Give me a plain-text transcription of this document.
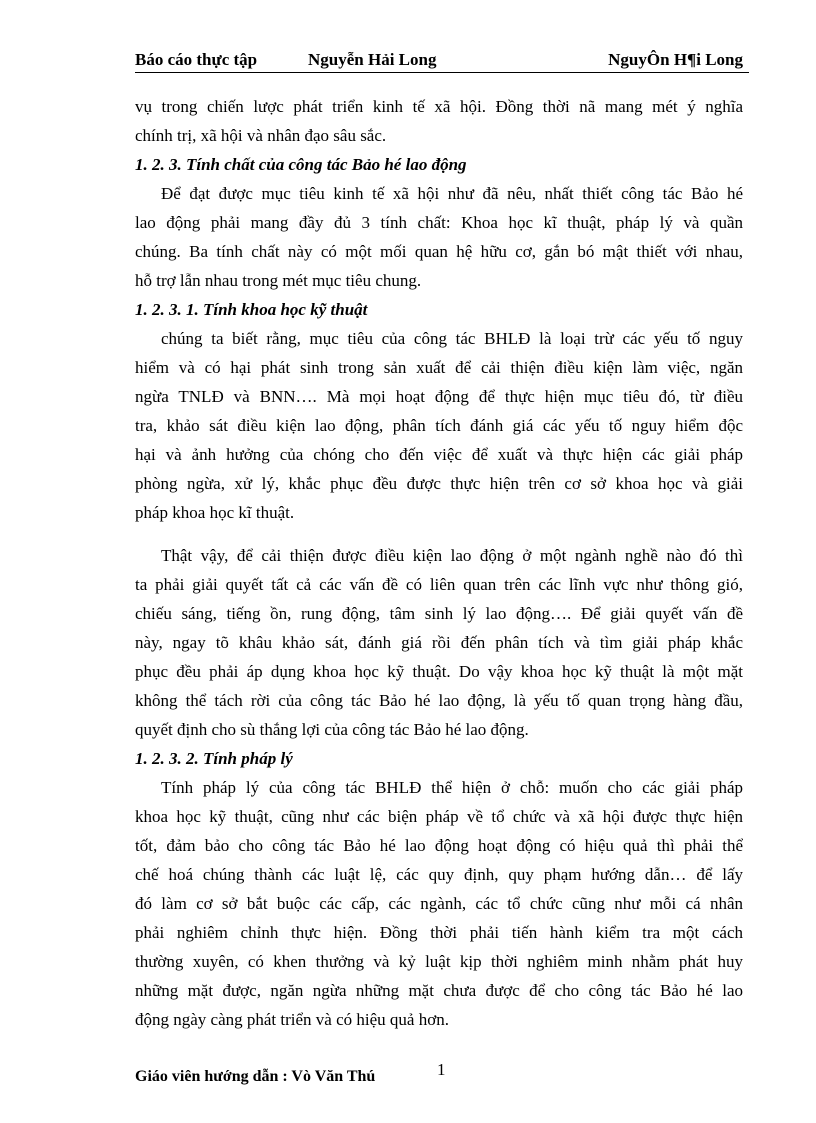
Báo cáo thực tập	Nguyễn Hải Long	NguyÔn H¶i Long
vụ trong chiến lược phát triển kinh tế xã hội. Đồng thời nã mang mét ý nghĩa
chính trị, xã hội và nhân đạo sâu sắc.
1. 2. 3. Tính chất của công tác Bảo hé lao động
Để đạt được mục tiêu kinh tế xã hội như đã nêu, nhất thiết công tác Bảo hé
lao động phải mang đầy đủ 3 tính chất: Khoa học kĩ thuật, pháp lý và quần
chúng. Ba tính chất này có một mối quan hệ hữu cơ, gắn bó mật thiết với nhau,
hỗ trợ lẫn nhau trong mét mục tiêu chung.
1. 2. 3. 1. Tính khoa học kỹ thuật
chúng ta biết rằng, mục tiêu của công tác BHLĐ là loại trừ các yếu tố nguy
hiểm và có hại phát sinh trong sản xuất để cải thiện điều kiện làm việc, ngăn
ngừa TNLĐ và BNN…. Mà mọi hoạt động để thực hiện mục tiêu đó, từ điều
tra, khảo sát điều kiện lao động, phân tích đánh giá các yếu tố nguy hiểm độc
hại và ảnh hưởng của chóng cho đến việc để xuất và thực hiện các giải pháp
phòng ngừa, xử lý, khắc phục đều được thực hiện trên cơ sở khoa học và giải
pháp khoa học kĩ thuật.
Thật vậy, để cải thiện được điều kiện lao động ở một ngành nghề nào đó thì
ta phải giải quyết tất cả các vấn đề có liên quan trên các lĩnh vực như thông gió,
chiếu sáng, tiếng ồn, rung động, tâm sinh lý lao động…. Để giải quyết vấn đề
này, ngay tõ khâu khảo sát, đánh giá rồi đến phân tích và tìm giải pháp khắc
phục đều phải áp dụng khoa học kỹ thuật. Do vậy khoa học kỹ thuật là một mặt
không thể tách rời của công tác Bảo hé lao động, là yếu tố quan trọng hàng đầu,
quyết định cho sù thắng lợi của công tác Bảo hé lao động.
1. 2. 3. 2. Tính pháp lý
Tính pháp lý của công tác BHLĐ thể hiện ở chỗ: muốn cho các giải pháp
khoa học kỹ thuật, cũng như các biện pháp về tổ chức và xã hội được thực hiện
tốt, đảm bảo cho công tác Bảo hé lao động hoạt động có hiệu quả thì phải thể
chế hoá chúng thành các luật lệ, các quy định, quy phạm hướng dẫn… để lấy
đó làm cơ sở bắt buộc các cấp, các ngành, các tổ chức cũng như mỗi cá nhân
phải nghiêm chỉnh thực hiện. Đồng thời phải tiến hành kiểm tra một cách
thường xuyên, có khen thưởng và kỷ luật kịp thời nghiêm minh nhằm phát huy
những mặt được, ngăn ngừa những mặt chưa được để cho công tác Bảo hé lao
động ngày càng phát triển và có hiệu quả hơn.
Giáo viên hướng dẫn : Vò Văn Thú	1
